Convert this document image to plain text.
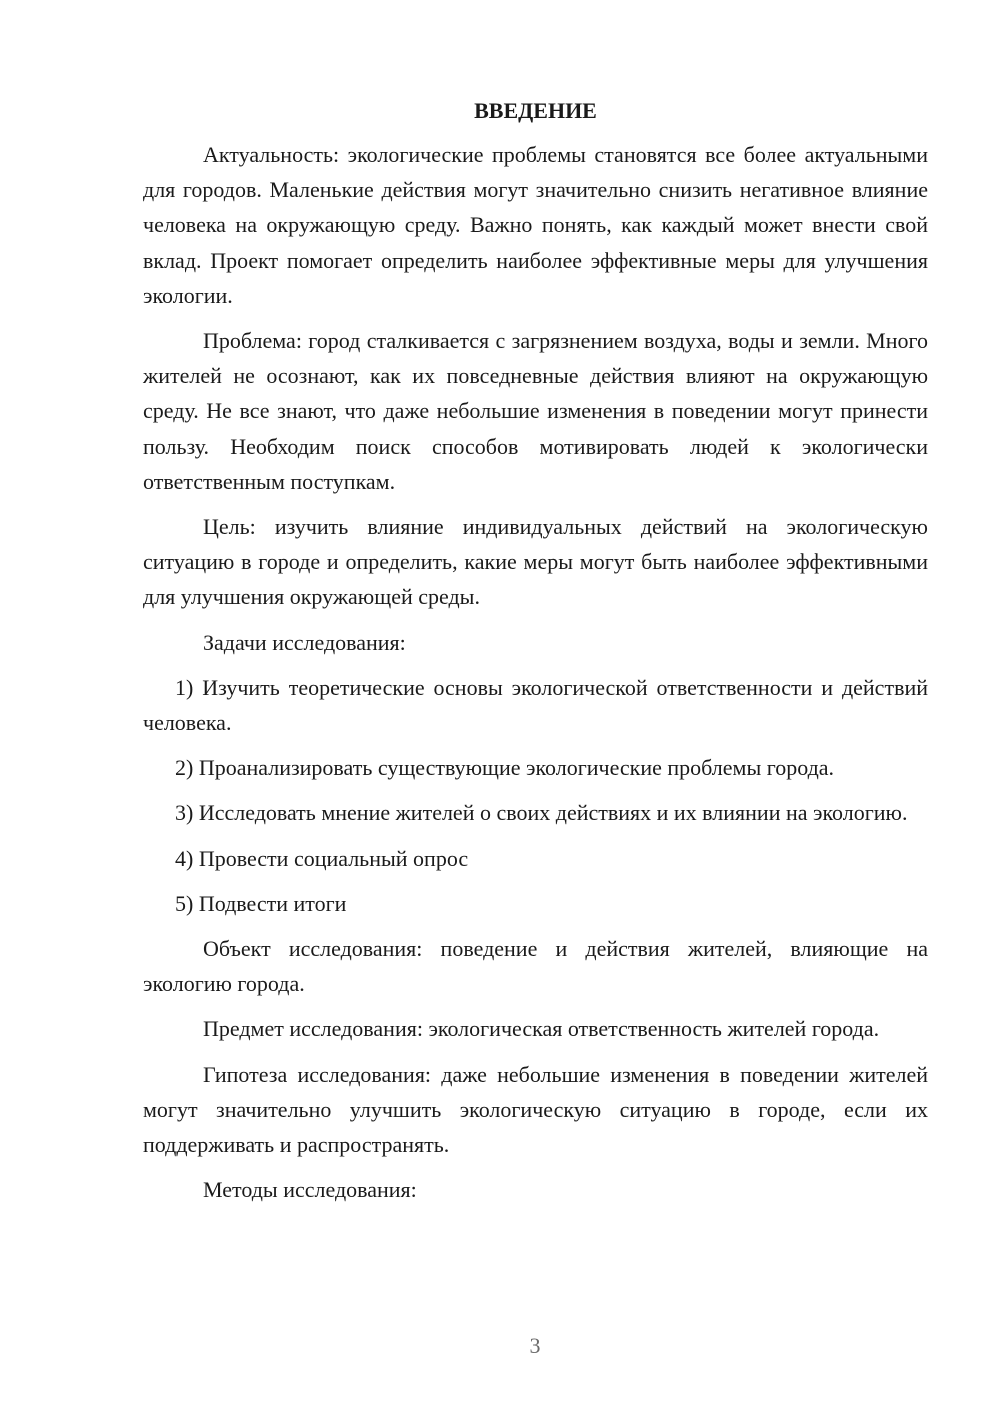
ВВЕДЕНИЕ

Актуальность: экологические проблемы становятся все более актуальными для городов. Маленькие действия могут значительно снизить негативное влияние человека на окружающую среду. Важно понять, как каждый может внести свой вклад. Проект помогает определить наиболее эффективные меры для улучшения экологии.

Проблема: город сталкивается с загрязнением воздуха, воды и земли. Много жителей не осознают, как их повседневные действия влияют на окружающую среду. Не все знают, что даже небольшие изменения в поведении могут принести пользу. Необходим поиск способов мотивировать людей к экологически ответственным поступкам.

Цель: изучить влияние индивидуальных действий на экологическую ситуацию в городе и определить, какие меры могут быть наиболее эффективными для улучшения окружающей среды.

Задачи исследования:

1) Изучить теоретические основы экологической ответственности и действий человека.

2) Проанализировать существующие экологические проблемы города.

3) Исследовать мнение жителей о своих действиях и их влиянии на экологию.

4) Провести социальный опрос

5) Подвести итоги

Объект исследования: поведение и действия жителей, влияющие на экологию города.

Предмет исследования: экологическая ответственность жителей города.

Гипотеза исследования: даже небольшие изменения в поведении жителей могут значительно улучшить экологическую ситуацию в городе, если их поддерживать и распространять.

Методы исследования:

3
